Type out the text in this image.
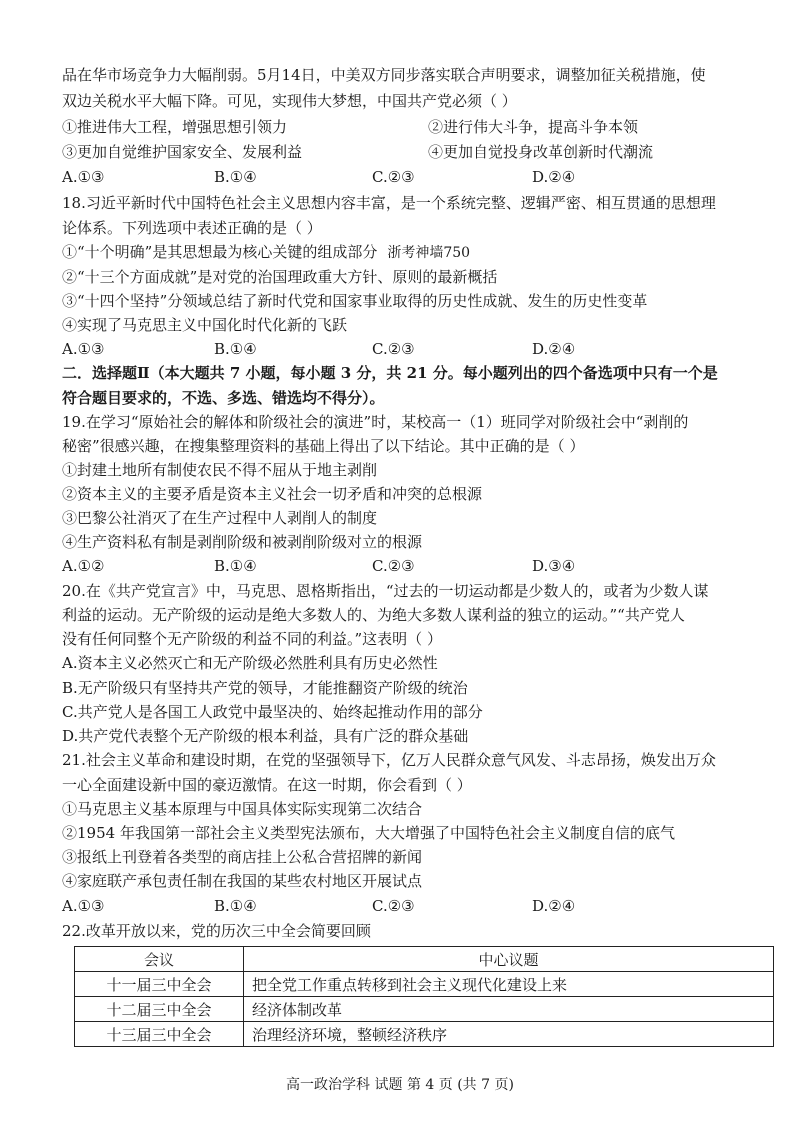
品在华市场竞争力大幅削弱。5月14日，中美双方同步落实联合声明要求，调整加征关税措施，使
双边关税水平大幅下降。可见，实现伟大梦想，中国共产党必须（ ）
①推进伟大工程，增强思想引领力	②进行伟大斗争，提高斗争本领
③更加自觉维护国家安全、发展利益	④更加自觉投身改革创新时代潮流
A.①③	B.①④	C.②③	D.②④
18.习近平新时代中国特色社会主义思想内容丰富，是一个系统完整、逻辑严密、相互贯通的思想理
论体系。下列选项中表述正确的是（ ）
①“十个明确”是其思想最为核心关键的组成部分 浙考神墙750
②“十三个方面成就”是对党的治国理政重大方针、原则的最新概括
③“十四个坚持”分领域总结了新时代党和国家事业取得的历史性成就、发生的历史性变革
④实现了马克思主义中国化时代化新的飞跃
A.①③	B.①④	C.②③	D.②④
二．选择题Ⅱ（本大题共 7 小题，每小题 3 分，共 21 分。每小题列出的四个备选项中只有一个是
符合题目要求的，不选、多选、错选均不得分）。
19.在学习“原始社会的解体和阶级社会的演进”时，某校高一（1）班同学对阶级社会中“剥削的
秘密”很感兴趣，在搜集整理资料的基础上得出了以下结论。其中正确的是（ ）
①封建土地所有制使农民不得不屈从于地主剥削
②资本主义的主要矛盾是资本主义社会一切矛盾和冲突的总根源
③巴黎公社消灭了在生产过程中人剥削人的制度
④生产资料私有制是剥削阶级和被剥削阶级对立的根源
A.①②	B.①④	C.②③	D.③④
20.在《共产党宣言》中，马克思、恩格斯指出，“过去的一切运动都是少数人的，或者为少数人谋
利益的运动。无产阶级的运动是绝大多数人的、为绝大多数人谋利益的独立的运动。”“共产党人
没有任何同整个无产阶级的利益不同的利益。”这表明（ ）
A.资本主义必然灭亡和无产阶级必然胜利具有历史必然性
B.无产阶级只有坚持共产党的领导，才能推翻资产阶级的统治
C.共产党人是各国工人政党中最坚决的、始终起推动作用的部分
D.共产党代表整个无产阶级的根本利益，具有广泛的群众基础
21.社会主义革命和建设时期，在党的坚强领导下，亿万人民群众意气风发、斗志昂扬，焕发出万众
一心全面建设新中国的豪迈激情。在这一时期，你会看到（ ）
①马克思主义基本原理与中国具体实际实现第二次结合
②1954 年我国第一部社会主义类型宪法颁布，大大增强了中国特色社会主义制度自信的底气
③报纸上刊登着各类型的商店挂上公私合营招牌的新闻
④家庭联产承包责任制在我国的某些农村地区开展试点
A.①③	B.①④	C.②③	D.②④
22.改革开放以来，党的历次三中全会简要回顾
会议	中心议题
十一届三中全会	把全党工作重点转移到社会主义现代化建设上来
十二届三中全会	经济体制改革
十三届三中全会	治理经济环境，整顿经济秩序
高一政治学科 试题 第 4 页 (共 7 页)
